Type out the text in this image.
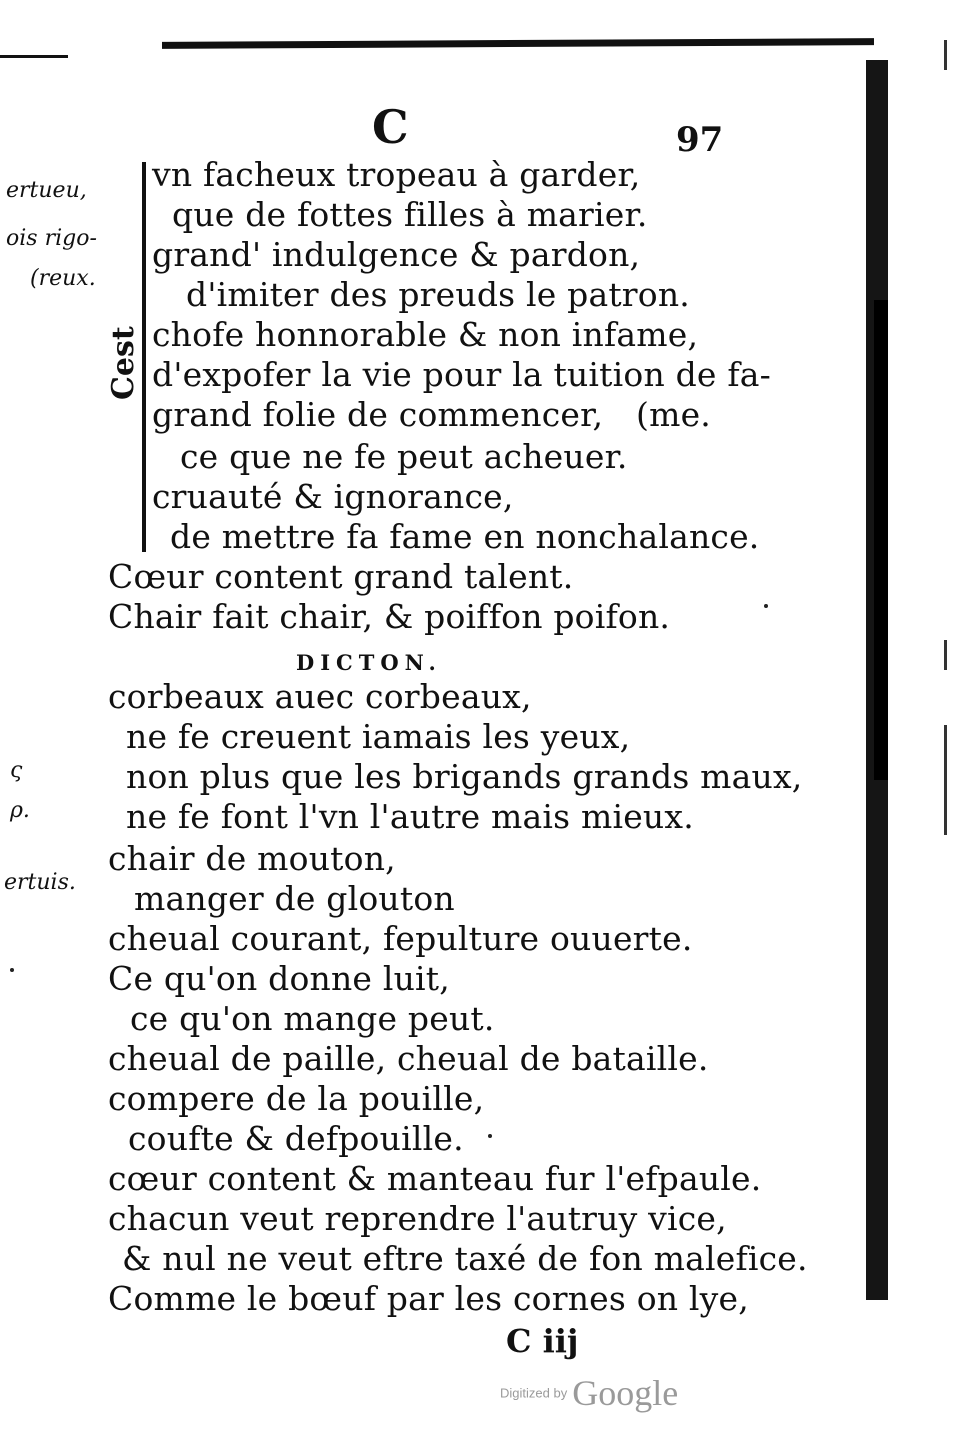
ertueu,
ois rigo-
(reux.
ς
ρ.
ertuis.
C	97
Cest
vn facheux tropeau à garder,
que de fottes filles à marier.
grand' indulgence & pardon,
d'imiter des preuds le patron.
chofe honnorable & non infame,
d'expofer la vie pour la tuition de fa-
grand folie de commencer, (me.
ce que ne fe peut acheuer.
cruauté & ignorance,
de mettre fa fame en nonchalance.
Cœur content grand talent.
Chair fait chair, & poiffon poifon.
DICTON.
corbeaux auec corbeaux,
ne fe creuent iamais les yeux,
non plus que les brigands grands maux,
ne fe font l'vn l'autre mais mieux.
chair de mouton,
manger de glouton
cheual courant, fepulture ouuerte.
Ce qu'on donne luit,
ce qu'on mange peut.
cheual de paille, cheual de bataille.
compere de la pouille,
coufte & defpouille.
cœur content & manteau fur l'efpaule.
chacun veut reprendre l'autruy vice,
& nul ne veut eftre taxé de fon malefice.
Comme le bœuf par les cornes on lye,
C iij
Digitized by Google
